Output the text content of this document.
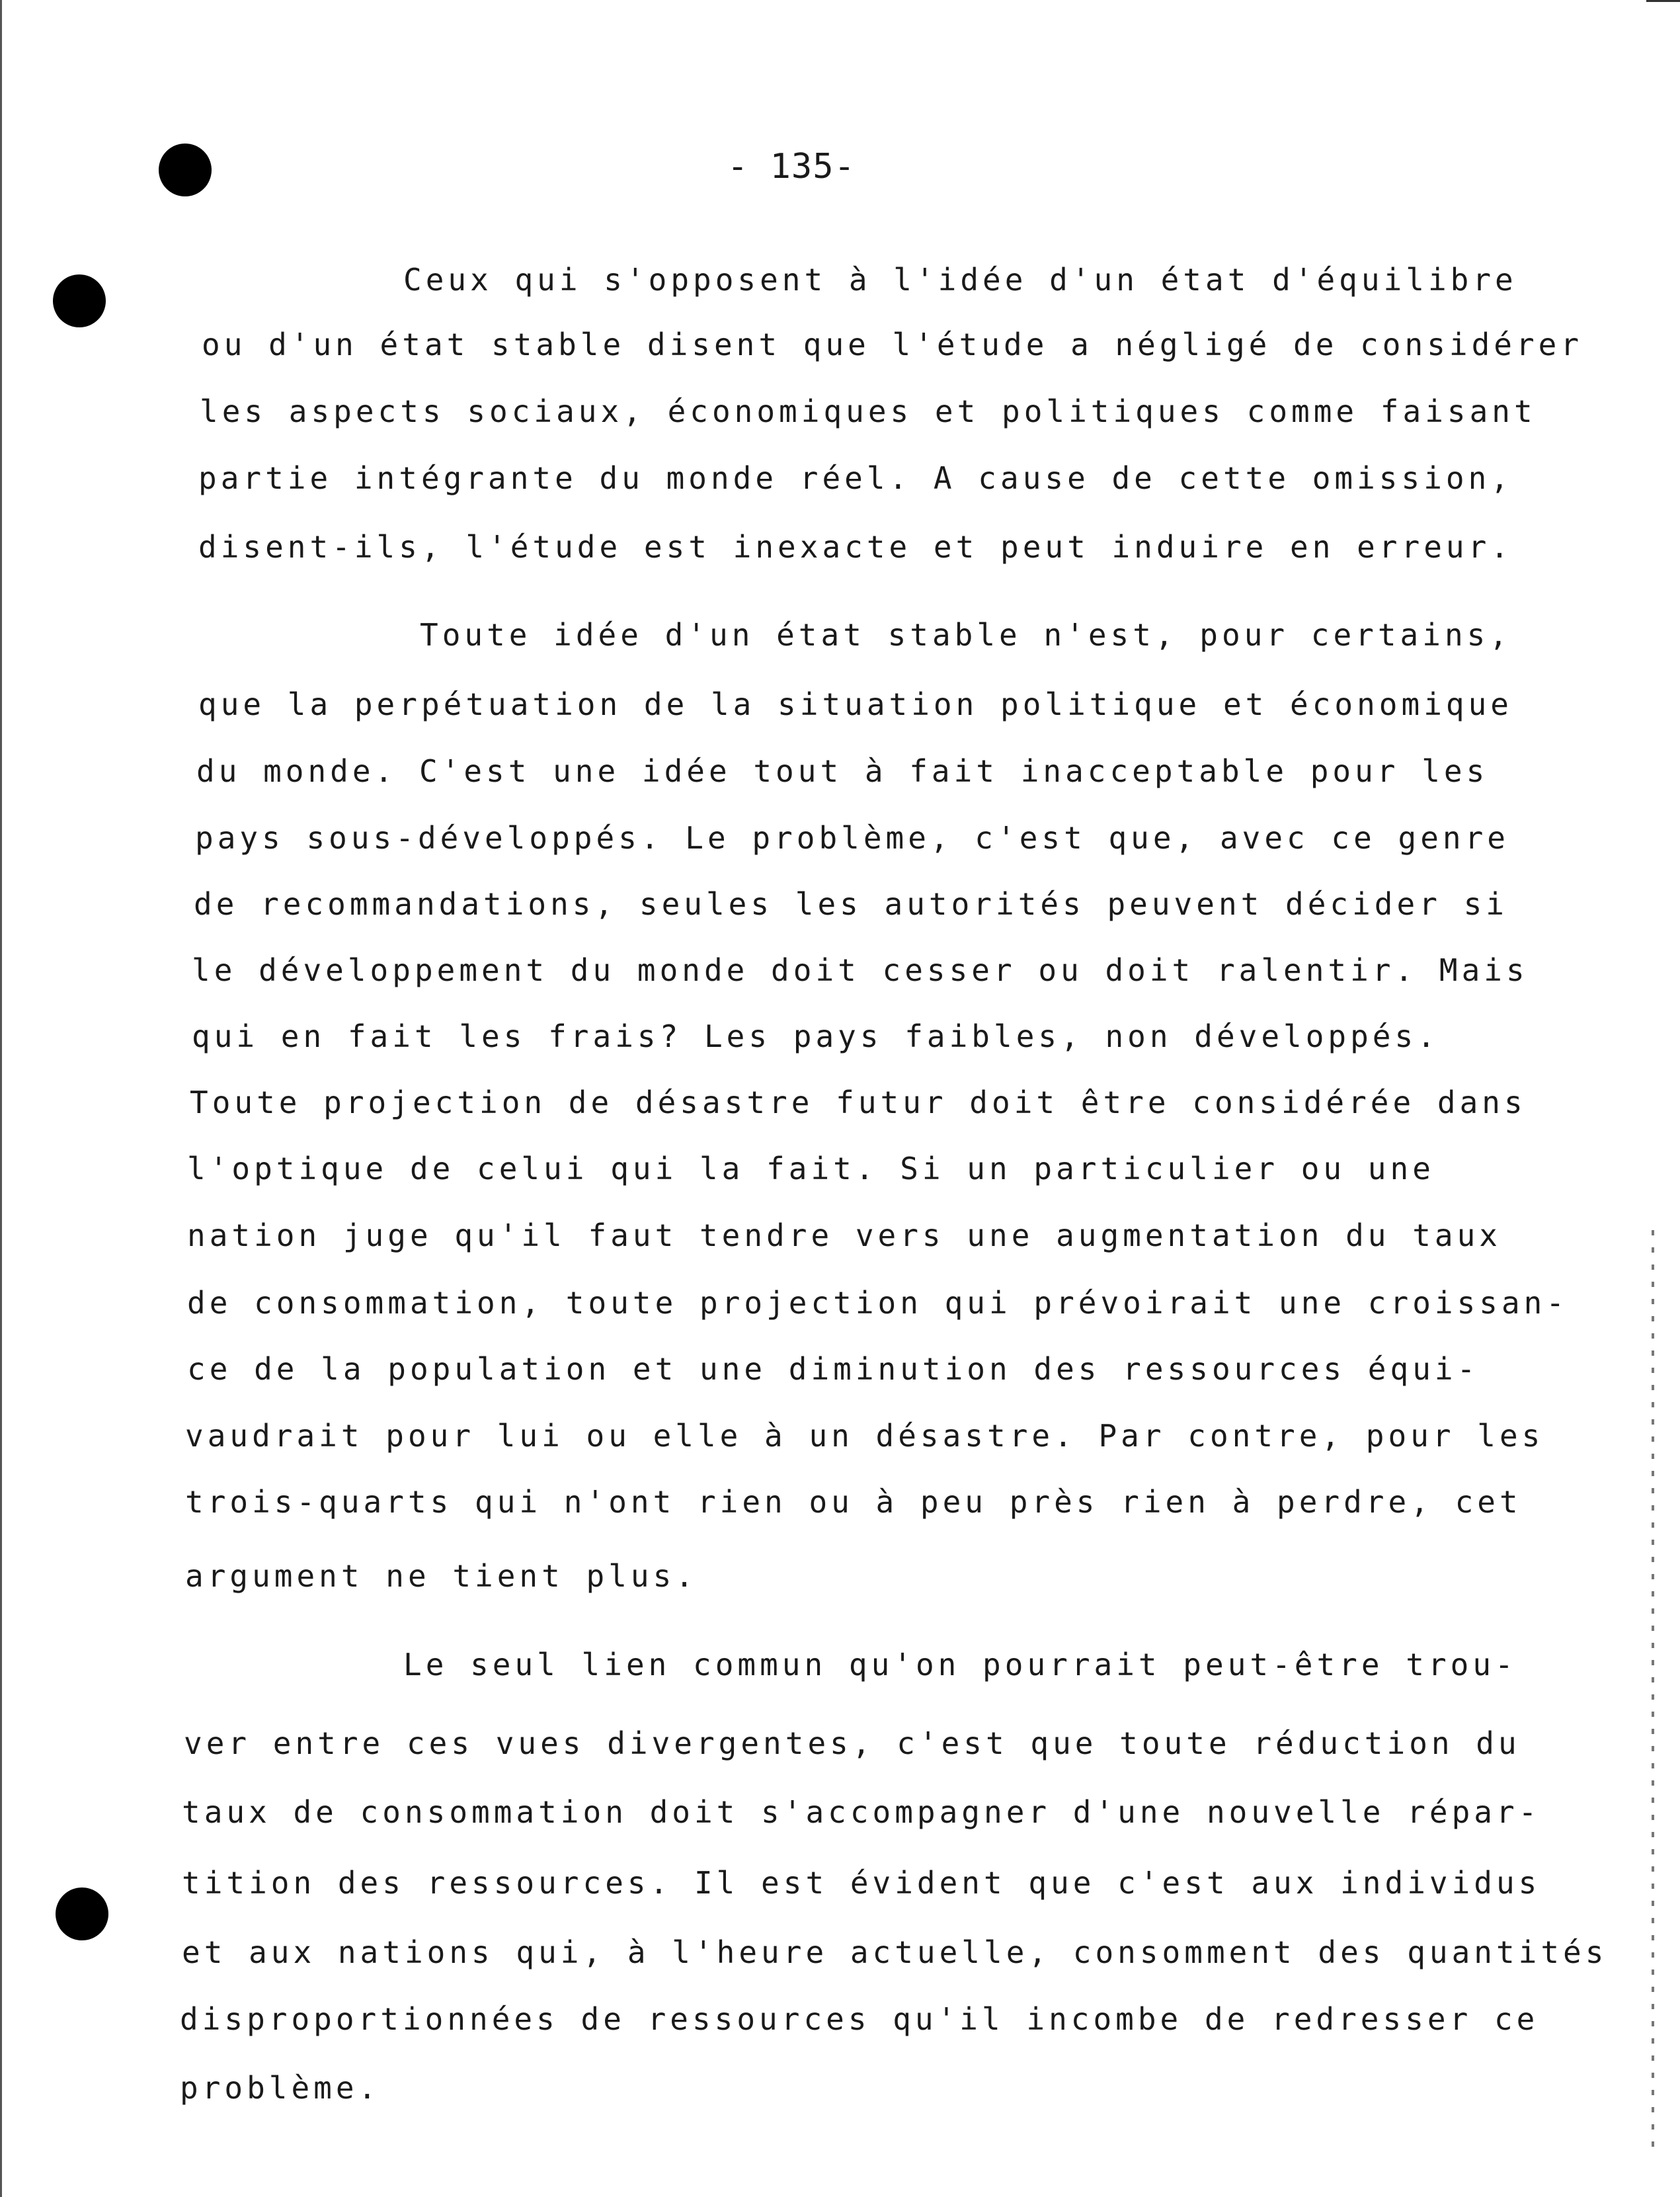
- 135-
Ceux qui s'opposent à l'idée d'un état d'équilibre
ou d'un état stable disent que l'étude a négligé de considérer
les aspects sociaux, économiques et politiques comme faisant
partie intégrante du monde réel. A cause de cette omission,
disent-ils, l'étude est inexacte et peut induire en erreur.
Toute idée d'un état stable n'est, pour certains,
que la perpétuation de la situation politique et économique
du monde. C'est une idée tout à fait inacceptable pour les
pays sous-développés. Le problème, c'est que, avec ce genre
de recommandations, seules les autorités peuvent décider si
le développement du monde doit cesser ou doit ralentir. Mais
qui en fait les frais? Les pays faibles, non développés.
Toute projection de désastre futur doit être considérée dans
l'optique de celui qui la fait. Si un particulier ou une
nation juge qu'il faut tendre vers une augmentation du taux
de consommation, toute projection qui prévoirait une croissan-
ce de la population et une diminution des ressources équi-
vaudrait pour lui ou elle à un désastre. Par contre, pour les
trois-quarts qui n'ont rien ou à peu près rien à perdre, cet
argument ne tient plus.
Le seul lien commun qu'on pourrait peut-être trou-
ver entre ces vues divergentes, c'est que toute réduction du
taux de consommation doit s'accompagner d'une nouvelle répar-
tition des ressources. Il est évident que c'est aux individus
et aux nations qui, à l'heure actuelle, consomment des quantités
disproportionnées de ressources qu'il incombe de redresser ce
problème.
